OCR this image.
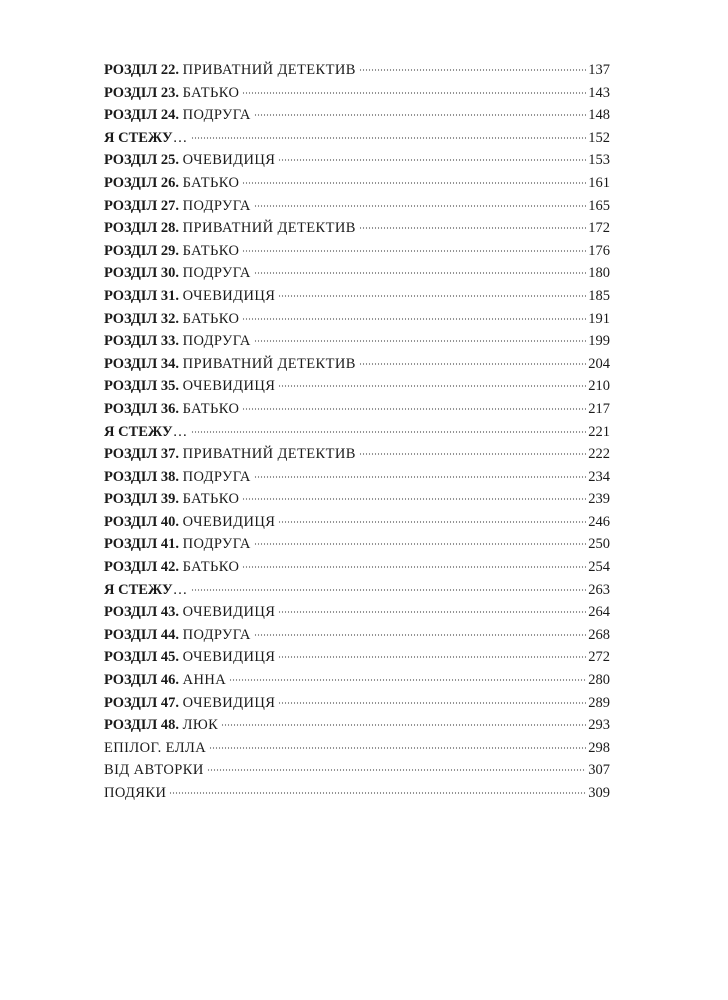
РОЗДІЛ 22. ПРИВАТНИЙ ДЕТЕКТИВ	137
РОЗДІЛ 23. БАТЬКО	143
РОЗДІЛ 24. ПОДРУГА	148
Я СТЕЖУ…	152
РОЗДІЛ 25. ОЧЕВИДИЦЯ	153
РОЗДІЛ 26. БАТЬКО	161
РОЗДІЛ 27. ПОДРУГА	165
РОЗДІЛ 28. ПРИВАТНИЙ ДЕТЕКТИВ	172
РОЗДІЛ 29. БАТЬКО	176
РОЗДІЛ 30. ПОДРУГА	180
РОЗДІЛ 31. ОЧЕВИДИЦЯ	185
РОЗДІЛ 32. БАТЬКО	191
РОЗДІЛ 33. ПОДРУГА	199
РОЗДІЛ 34. ПРИВАТНИЙ ДЕТЕКТИВ	204
РОЗДІЛ 35. ОЧЕВИДИЦЯ	210
РОЗДІЛ 36. БАТЬКО	217
Я СТЕЖУ…	221
РОЗДІЛ 37. ПРИВАТНИЙ ДЕТЕКТИВ	222
РОЗДІЛ 38. ПОДРУГА	234
РОЗДІЛ 39. БАТЬКО	239
РОЗДІЛ 40. ОЧЕВИДИЦЯ	246
РОЗДІЛ 41. ПОДРУГА	250
РОЗДІЛ 42. БАТЬКО	254
Я СТЕЖУ…	263
РОЗДІЛ 43. ОЧЕВИДИЦЯ	264
РОЗДІЛ 44. ПОДРУГА	268
РОЗДІЛ 45. ОЧЕВИДИЦЯ	272
РОЗДІЛ 46. АННА	280
РОЗДІЛ 47. ОЧЕВИДИЦЯ	289
РОЗДІЛ 48. ЛЮК	293
ЕПІЛОГ. ЕЛЛА	298
ВІД АВТОРКИ	307
ПОДЯКИ	309
